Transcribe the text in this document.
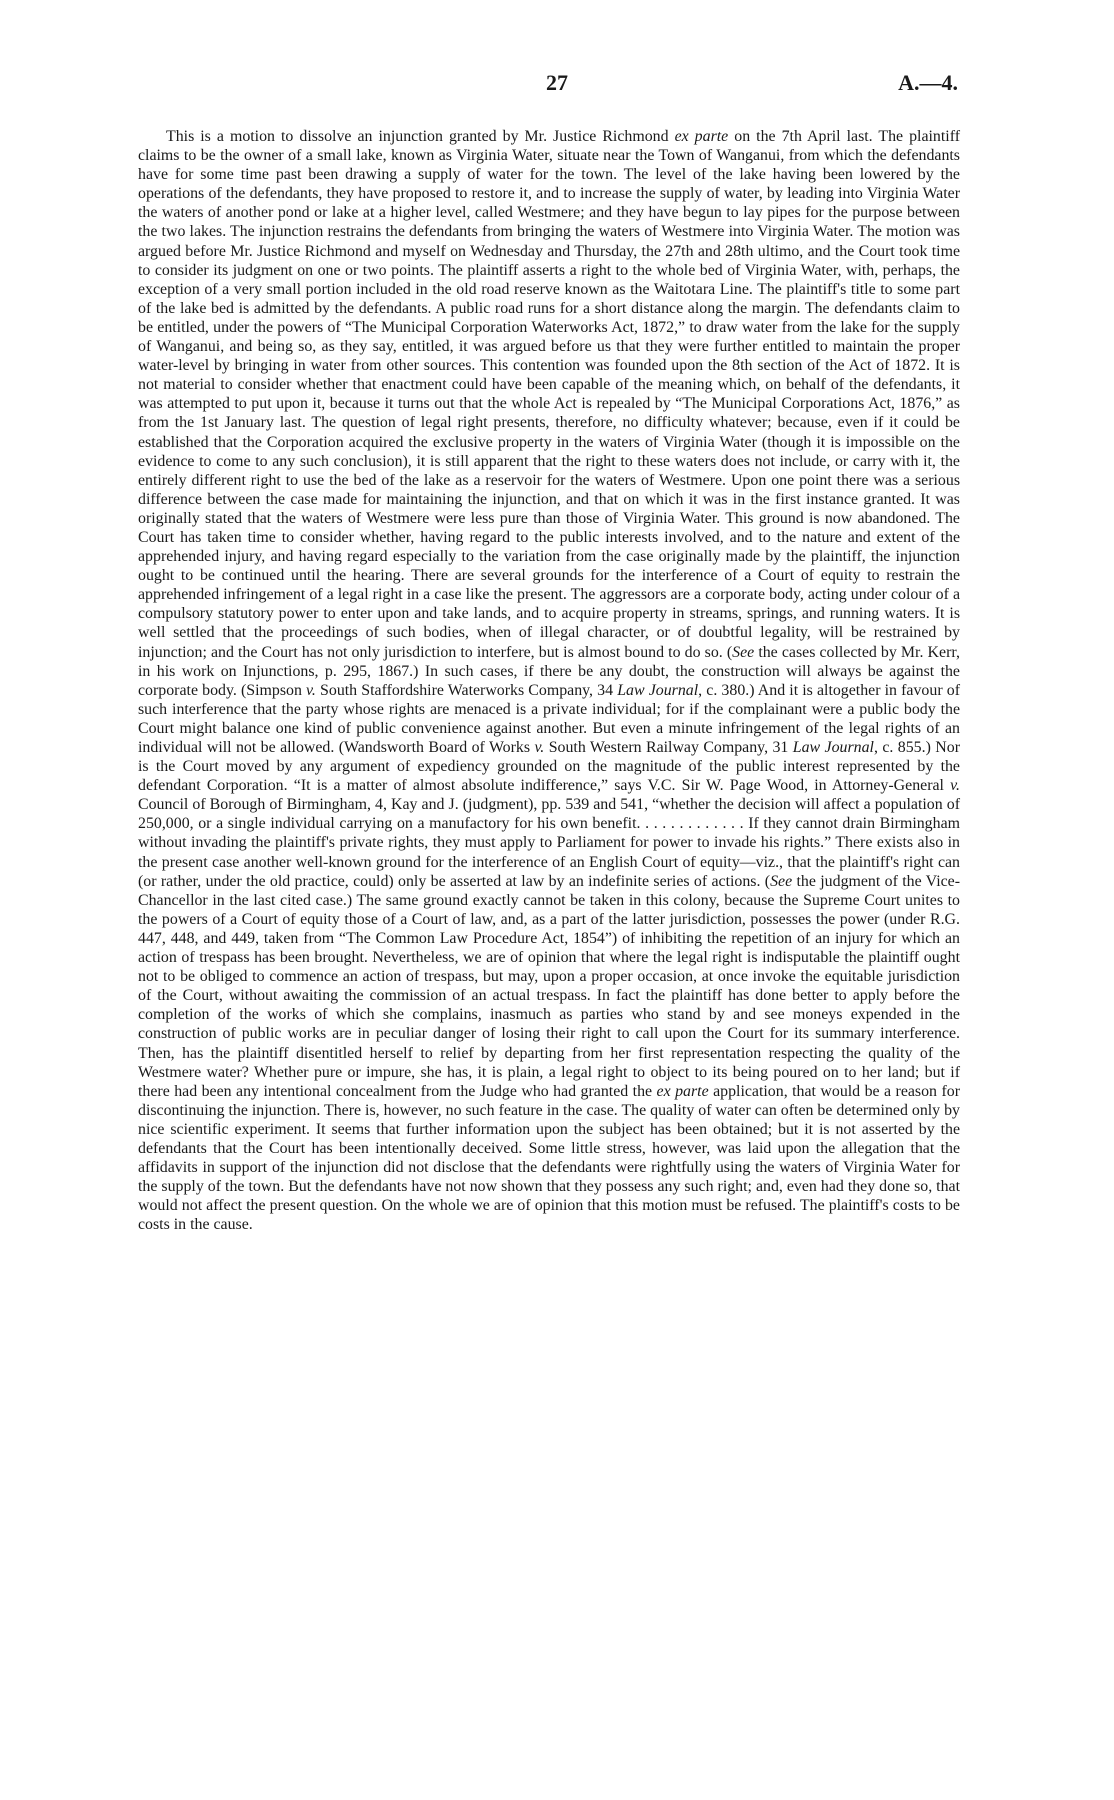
27	A.—4.

This is a motion to dissolve an injunction granted by Mr. Justice Richmond ex parte on the 7th April last. The plaintiff claims to be the owner of a small lake, known as Virginia Water, situate near the Town of Wanganui, from which the defendants have for some time past been drawing a supply of water for the town. The level of the lake having been lowered by the operations of the defendants, they have proposed to restore it, and to increase the supply of water, by leading into Virginia Water the waters of another pond or lake at a higher level, called Westmere; and they have begun to lay pipes for the purpose between the two lakes. The injunction restrains the defendants from bringing the waters of Westmere into Virginia Water. The motion was argued before Mr. Justice Richmond and myself on Wednesday and Thursday, the 27th and 28th ultimo, and the Court took time to consider its judgment on one or two points. The plaintiff asserts a right to the whole bed of Virginia Water, with, perhaps, the exception of a very small portion included in the old road reserve known as the Waitotara Line. The plaintiff's title to some part of the lake bed is admitted by the defendants. A public road runs for a short distance along the margin. The defendants claim to be entitled, under the powers of “The Municipal Corporation Waterworks Act, 1872,” to draw water from the lake for the supply of Wanganui, and being so, as they say, entitled, it was argued before us that they were further entitled to maintain the proper water-level by bringing in water from other sources. This contention was founded upon the 8th section of the Act of 1872. It is not material to consider whether that enactment could have been capable of the meaning which, on behalf of the defendants, it was attempted to put upon it, because it turns out that the whole Act is repealed by “The Municipal Corporations Act, 1876,” as from the 1st January last. The question of legal right presents, therefore, no difficulty whatever; because, even if it could be established that the Corporation acquired the exclusive property in the waters of Virginia Water (though it is impossible on the evidence to come to any such conclusion), it is still apparent that the right to these waters does not include, or carry with it, the entirely different right to use the bed of the lake as a reservoir for the waters of Westmere. Upon one point there was a serious difference between the case made for maintaining the injunction, and that on which it was in the first instance granted. It was originally stated that the waters of Westmere were less pure than those of Virginia Water. This ground is now abandoned. The Court has taken time to consider whether, having regard to the public interests involved, and to the nature and extent of the apprehended injury, and having regard especially to the variation from the case originally made by the plaintiff, the injunction ought to be continued until the hearing. There are several grounds for the interference of a Court of equity to restrain the apprehended infringement of a legal right in a case like the present. The aggressors are a corporate body, acting under colour of a compulsory statutory power to enter upon and take lands, and to acquire property in streams, springs, and running waters. It is well settled that the proceedings of such bodies, when of illegal character, or of doubtful legality, will be restrained by injunction; and the Court has not only jurisdiction to interfere, but is almost bound to do so. (See the cases collected by Mr. Kerr, in his work on Injunctions, p. 295, 1867.) In such cases, if there be any doubt, the construction will always be against the corporate body. (Simpson v. South Staffordshire Waterworks Company, 34 Law Journal, c. 380.) And it is altogether in favour of such interference that the party whose rights are menaced is a private individual; for if the complainant were a public body the Court might balance one kind of public convenience against another. But even a minute infringement of the legal rights of an individual will not be allowed. (Wandsworth Board of Works v. South Western Railway Company, 31 Law Journal, c. 855.) Nor is the Court moved by any argument of expediency grounded on the magnitude of the public interest represented by the defendant Corporation. “It is a matter of almost absolute indifference,” says V.C. Sir W. Page Wood, in Attorney-General v. Council of Borough of Birmingham, 4, Kay and J. (judgment), pp. 539 and 541, “whether the decision will affect a population of 250,000, or a single individual carrying on a manufactory for his own benefit. . . . . . . . . . . . . If they cannot drain Birmingham without invading the plaintiff's private rights, they must apply to Parliament for power to invade his rights.” There exists also in the present case another well-known ground for the interference of an English Court of equity—viz., that the plaintiff's right can (or rather, under the old practice, could) only be asserted at law by an indefinite series of actions. (See the judgment of the Vice-Chancellor in the last cited case.) The same ground exactly cannot be taken in this colony, because the Supreme Court unites to the powers of a Court of equity those of a Court of law, and, as a part of the latter jurisdiction, possesses the power (under R.G. 447, 448, and 449, taken from “The Common Law Procedure Act, 1854”) of inhibiting the repetition of an injury for which an action of trespass has been brought. Nevertheless, we are of opinion that where the legal right is indisputable the plaintiff ought not to be obliged to commence an action of trespass, but may, upon a proper occasion, at once invoke the equitable jurisdiction of the Court, without awaiting the commission of an actual trespass. In fact the plaintiff has done better to apply before the completion of the works of which she complains, inasmuch as parties who stand by and see moneys expended in the construction of public works are in peculiar danger of losing their right to call upon the Court for its summary interference. Then, has the plaintiff disentitled herself to relief by departing from her first representation respecting the quality of the Westmere water? Whether pure or impure, she has, it is plain, a legal right to object to its being poured on to her land; but if there had been any intentional concealment from the Judge who had granted the ex parte application, that would be a reason for discontinuing the injunction. There is, however, no such feature in the case. The quality of water can often be determined only by nice scientific experiment. It seems that further information upon the subject has been obtained; but it is not asserted by the defendants that the Court has been intentionally deceived. Some little stress, however, was laid upon the allegation that the affidavits in support of the injunction did not disclose that the defendants were rightfully using the waters of Virginia Water for the supply of the town. But the defendants have not now shown that they possess any such right; and, even had they done so, that would not affect the present question. On the whole we are of opinion that this motion must be refused. The plaintiff's costs to be costs in the cause.
